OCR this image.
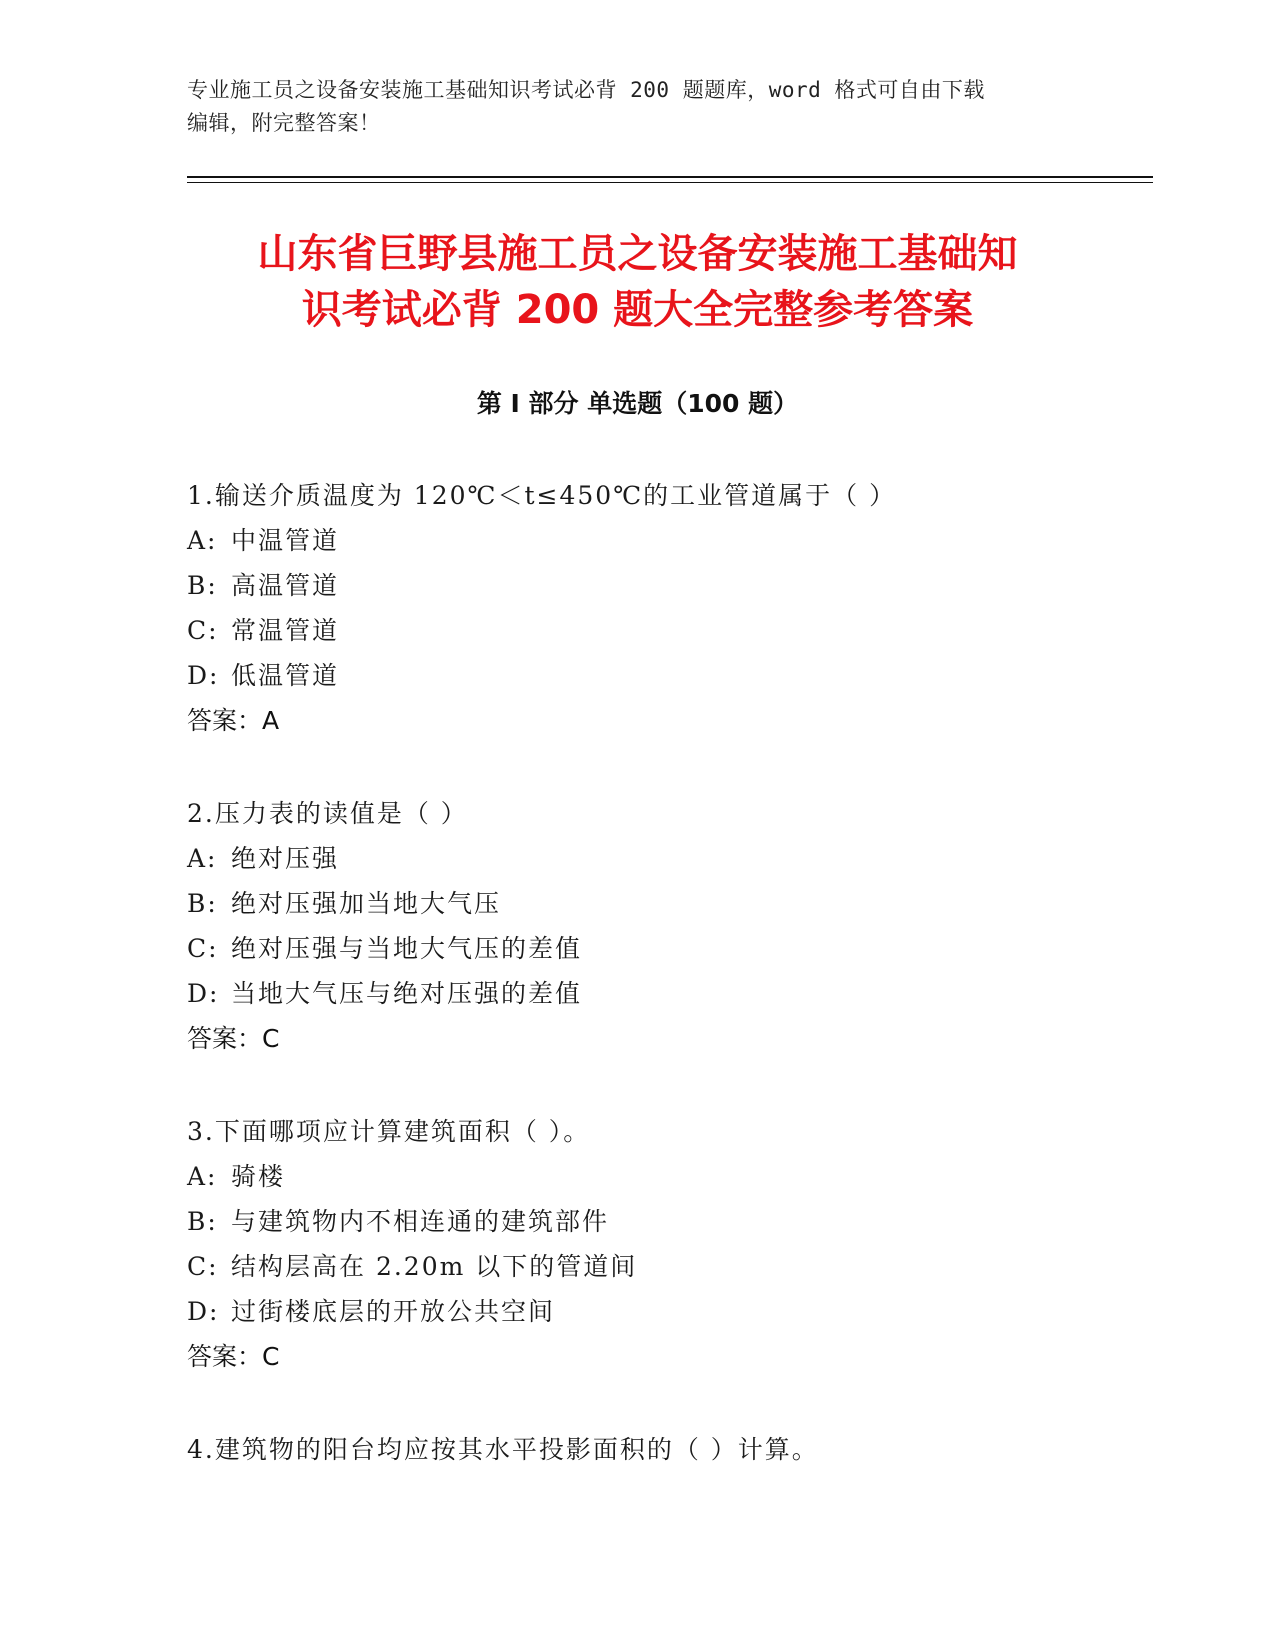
专业施工员之设备安装施工基础知识考试必背 200 题题库，word 格式可自由下载
编辑，附完整答案！
山东省巨野县施工员之设备安装施工基础知
识考试必背 200 题大全完整参考答案
第 I 部分 单选题（100 题）
1.输送介质温度为 120℃＜t≤450℃的工业管道属于（ ）
A: 中温管道
B: 高温管道
C: 常温管道
D: 低温管道
答案：A
2.压力表的读值是（ ）
A: 绝对压强
B: 绝对压强加当地大气压
C: 绝对压强与当地大气压的差值
D: 当地大气压与绝对压强的差值
答案：C
3.下面哪项应计算建筑面积（ ）。
A: 骑楼
B: 与建筑物内不相连通的建筑部件
C: 结构层高在 2.20m 以下的管道间
D: 过街楼底层的开放公共空间
答案：C
4.建筑物的阳台均应按其水平投影面积的（ ）计算。
